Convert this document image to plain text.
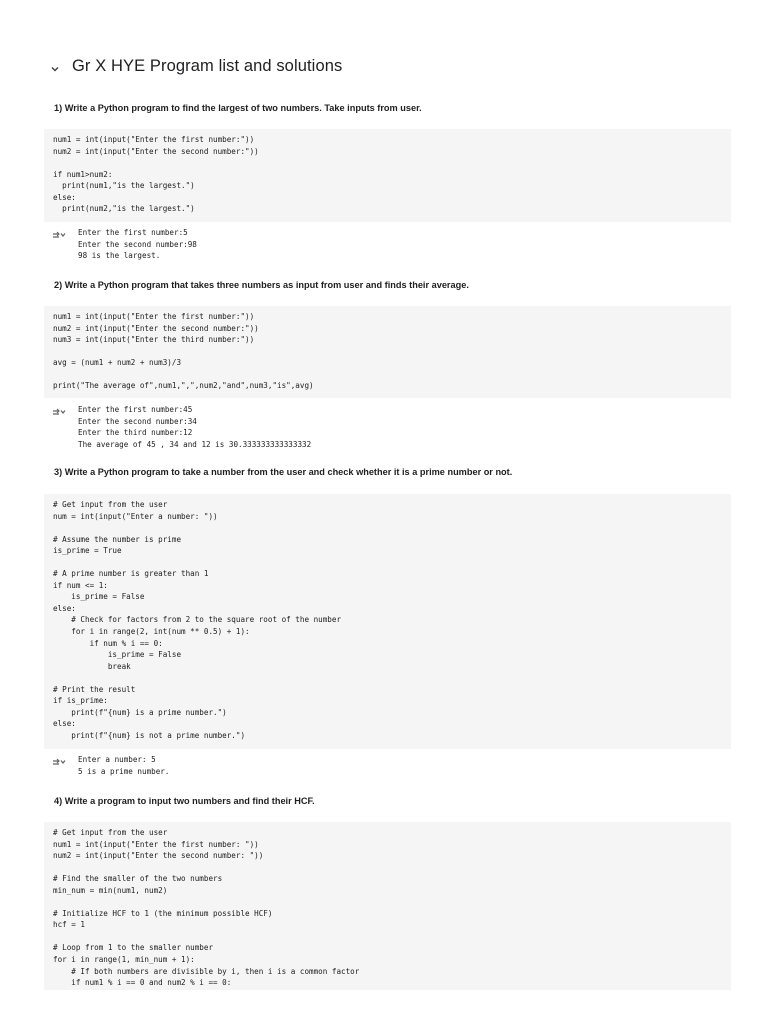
Gr X HYE Program list and solutions
1) Write a Python program to find the largest of two numbers. Take inputs from user.
num1 = int(input("Enter the first number:"))
num2 = int(input("Enter the second number:"))

if num1>num2:
print(num1,"is the largest.")
else:
print(num2,"is the largest.")
Enter the first number:5
Enter the second number:98
98 is the largest.
2) Write a Python program that takes three numbers as input from user and finds their average.
num1 = int(input("Enter the first number:"))
num2 = int(input("Enter the second number:"))
num3 = int(input("Enter the third number:"))

avg = (num1 + num2 + num3)/3

print("The average of",num1,",",num2,"and",num3,"is",avg)
Enter the first number:45
Enter the second number:34
Enter the third number:12
The average of 45 , 34 and 12 is 30.333333333333332
3) Write a Python program to take a number from the user and check whether it is a prime number or not.
# Get input from the user
num = int(input("Enter a number: "))

# Assume the number is prime
is_prime = True

# A prime number is greater than 1
if num <= 1:
is_prime = False
else:
# Check for factors from 2 to the square root of the number
for i in range(2, int(num ** 0.5) + 1):
if num % i == 0:
is_prime = False
break

# Print the result
if is_prime:
print(f"{num} is a prime number.")
else:
print(f"{num} is not a prime number.")
Enter a number: 5
5 is a prime number.
4) Write a program to input two numbers and find their HCF.
# Get input from the user
num1 = int(input("Enter the first number: "))
num2 = int(input("Enter the second number: "))

# Find the smaller of the two numbers
min_num = min(num1, num2)

# Initialize HCF to 1 (the minimum possible HCF)
hcf = 1

# Loop from 1 to the smaller number
for i in range(1, min_num + 1):
# If both numbers are divisible by i, then i is a common factor
if num1 % i == 0 and num2 % i == 0:
